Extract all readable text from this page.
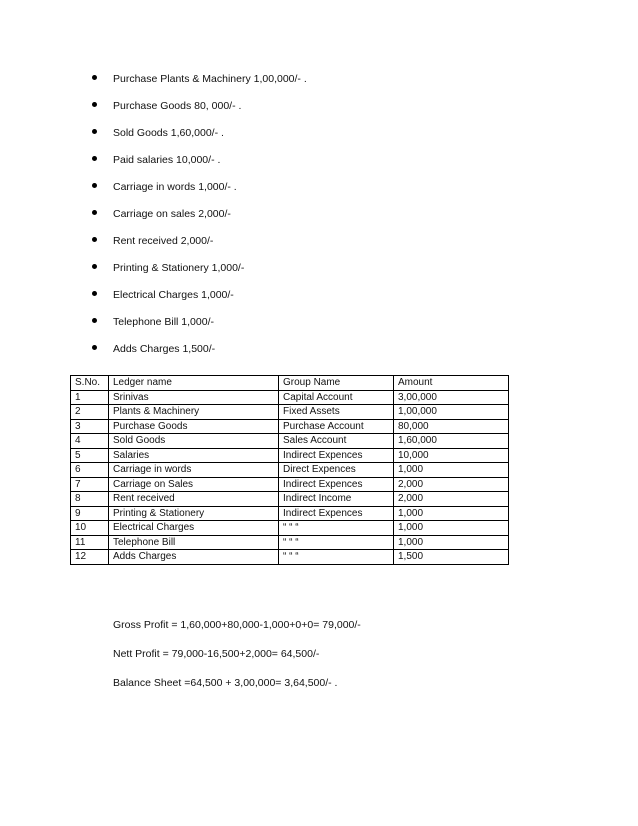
Purchase Plants & Machinery 1,00,000/- .
Purchase Goods 80, 000/- .
Sold Goods 1,60,000/- .
Paid salaries 10,000/- .
Carriage in words 1,000/- .
Carriage on sales 2,000/-
Rent received 2,000/-
Printing & Stationery 1,000/-
Electrical Charges 1,000/-
Telephone Bill 1,000/-
Adds Charges 1,500/-
S.No.	Ledger name	Group Name	Amount
1	Srinivas	Capital Account	3,00,000
2	Plants & Machinery	Fixed Assets	1,00,000
3	Purchase Goods	Purchase Account	80,000
4	Sold Goods	Sales Account	1,60,000
5	Salaries	Indirect Expences	10,000
6	Carriage in words	Direct Expences	1,000
7	Carriage on Sales	Indirect Expences	2,000
8	Rent received	Indirect Income	2,000
9	Printing & Stationery	Indirect Expences	1,000
10	Electrical Charges	“ “ “	1,000
11	Telephone Bill	“ “ “	1,000
12	Adds Charges	“ “ “	1,500
Gross Profit = 1,60,000+80,000-1,000+0+0= 79,000/-
Nett Profit = 79,000-16,500+2,000= 64,500/-
Balance Sheet =64,500 + 3,00,000= 3,64,500/- .
